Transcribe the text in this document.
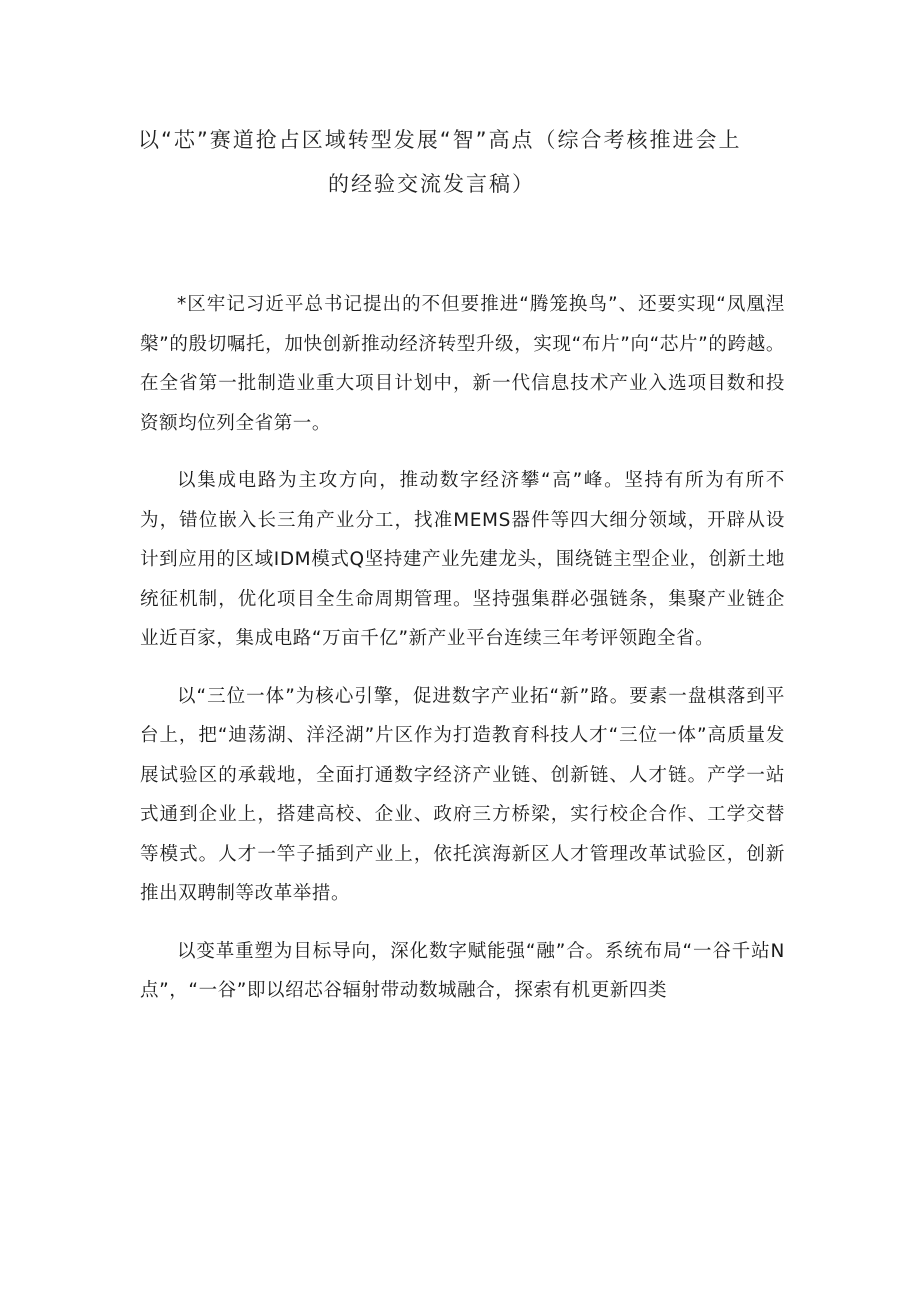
以“芯”赛道抢占区域转型发展“智”高点（综合考核推进会上
的经验交流发言稿）

*区牢记习近平总书记提出的不但要推进“腾笼换鸟”、还要实现“凤凰涅槃”的殷切嘱托，加快创新推动经济转型升级，实现“布片”向“芯片”的跨越。在全省第一批制造业重大项目计划中，新一代信息技术产业入选项目数和投资额均位列全省第一。

以集成电路为主攻方向，推动数字经济攀“高”峰。坚持有所为有所不为，错位嵌入长三角产业分工，找准MEMS器件等四大细分领域，开辟从设计到应用的区域IDM模式Q坚持建产业先建龙头，围绕链主型企业，创新土地统征机制，优化项目全生命周期管理。坚持强集群必强链条，集聚产业链企业近百家，集成电路“万亩千亿”新产业平台连续三年考评领跑全省。

以“三位一体”为核心引擎，促进数字产业拓“新”路。要素一盘棋落到平台上，把“迪荡湖、洋泾湖”片区作为打造教育科技人才“三位一体”高质量发展试验区的承载地，全面打通数字经济产业链、创新链、人才链。产学一站式通到企业上，搭建高校、企业、政府三方桥梁，实行校企合作、工学交替等模式。人才一竿子插到产业上，依托滨海新区人才管理改革试验区，创新推出双聘制等改革举措。

以变革重塑为目标导向，深化数字赋能强“融”合。系统布局“一谷千站N点”，“一谷”即以绍芯谷辐射带动数城融合，探索有机更新四类
